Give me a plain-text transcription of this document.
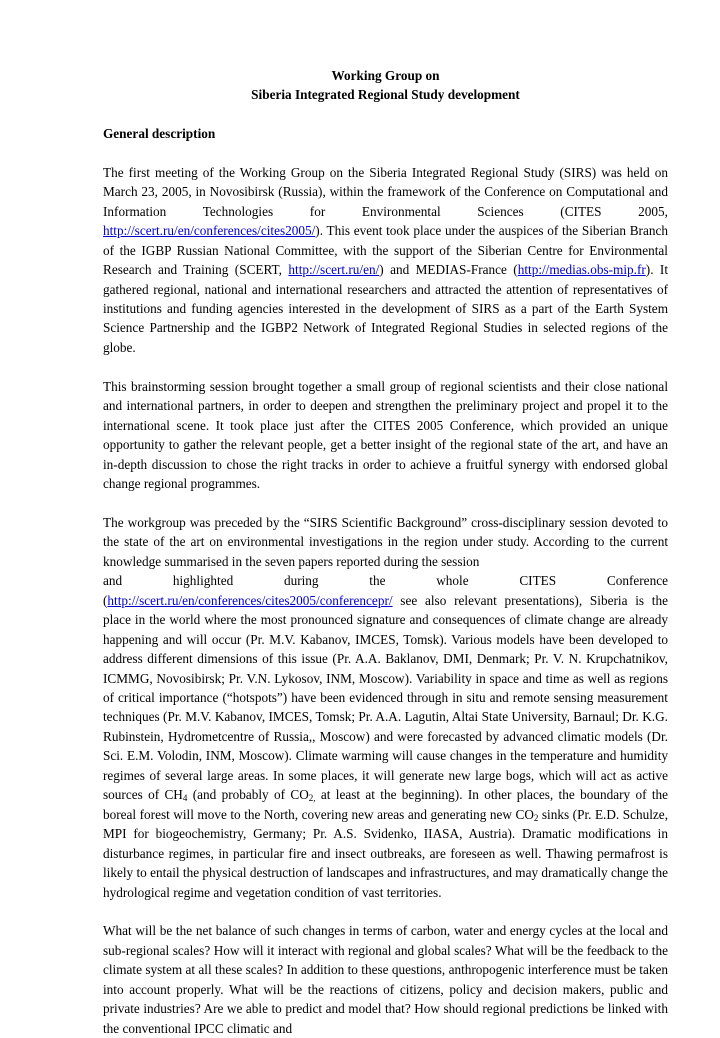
Working Group on
Siberia Integrated Regional Study development
General description

The first meeting of the Working Group on the Siberia Integrated Regional Study (SIRS) was held on March 23, 2005, in Novosibirsk (Russia), within the framework of the Conference on Computational and Information Technologies for Environmental Sciences (CITES 2005, http://scert.ru/en/conferences/cites2005/). This event took place under the auspices of the Siberian Branch of the IGBP Russian National Committee, with the support of the Siberian Centre for Environmental Research and Training (SCERT, http://scert.ru/en/) and MEDIAS-France (http://medias.obs-mip.fr). It gathered regional, national and international researchers and attracted the attention of representatives of institutions and funding agencies interested in the development of SIRS as a part of the Earth System Science Partnership and the IGBP2 Network of Integrated Regional Studies in selected regions of the globe.

This brainstorming session brought together a small group of regional scientists and their close national and international partners, in order to deepen and strengthen the preliminary project and propel it to the international scene. It took place just after the CITES 2005 Conference, which provided an unique opportunity to gather the relevant people, get a better insight of the regional state of the art, and have an in-depth discussion to chose the right tracks in order to achieve a fruitful synergy with endorsed global change regional programmes.

The workgroup was preceded by the “SIRS Scientific Background” cross-disciplinary session devoted to the state of the art on environmental investigations in the region under study. According to the current knowledge summarised in the seven papers reported during the session
and	highlighted	during	the	whole	CITES	Conference
(http://scert.ru/en/conferences/cites2005/conferencepr/ see also relevant presentations), Siberia is the place in the world where the most pronounced signature and consequences of climate change are already happening and will occur (Pr. M.V. Kabanov, IMCES, Tomsk). Various models have been developed to address different dimensions of this issue (Pr. A.A. Baklanov, DMI, Denmark; Pr. V. N. Krupchatnikov, ICMMG, Novosibirsk; Pr. V.N. Lykosov, INM, Moscow). Variability in space and time as well as regions of critical importance (“hotspots”) have been evidenced through in situ and remote sensing measurement techniques (Pr. M.V. Kabanov, IMCES, Tomsk; Pr. A.A. Lagutin, Altai State University, Barnaul; Dr. K.G. Rubinstein, Hydrometcentre of Russia,, Moscow) and were forecasted by advanced climatic models (Dr. Sci. E.M. Volodin, INM, Moscow). Climate warming will cause changes in the temperature and humidity regimes of several large areas. In some places, it will generate new large bogs, which will act as active sources of $CH_4$ (and probably of $CO_{2,}$ at least at the beginning). In other places, the boundary of the boreal forest will move to the North, covering new areas and generating new $CO_2$ sinks (Pr. E.D. Schulze, MPI for biogeochemistry, Germany; Pr. A.S. Svidenko, IIASA, Austria). Dramatic modifications in disturbance regimes, in particular fire and insect outbreaks, are foreseen as well. Thawing permafrost is likely to entail the physical destruction of landscapes and infrastructures, and may dramatically change the hydrological regime and vegetation condition of vast territories.

What will be the net balance of such changes in terms of carbon, water and energy cycles at the local and sub-regional scales? How will it interact with regional and global scales? What will be the feedback to the climate system at all these scales? In addition to these questions, anthropogenic interference must be taken into account properly. What will be the reactions of citizens, policy and decision makers, public and private industries? Are we able to predict and model that? How should regional predictions be linked with the conventional IPCC climatic and
